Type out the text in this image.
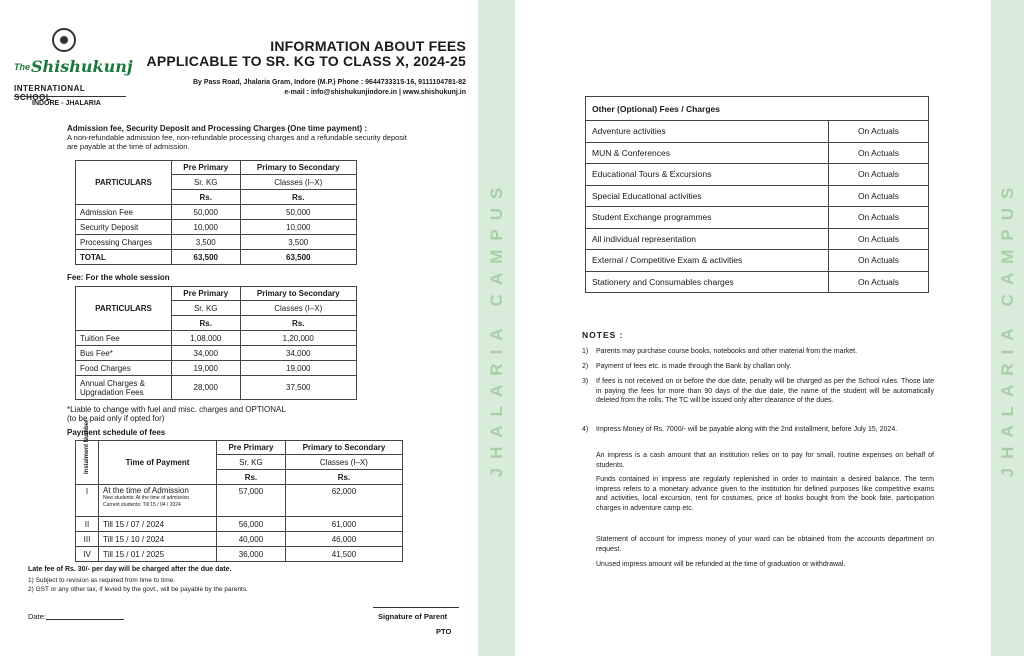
The Shishukunj
INTERNATIONAL SCHOOL
INDORE - JHALARIA
INFORMATION ABOUT FEES
APPLICABLE TO SR. KG TO CLASS X, 2024-25
By Pass Road, Jhalaria Gram, Indore (M.P.) Phone : 9644733315-16, 9111104781-82
e-mail : info@shishukunjindore.in | www.shishukunj.in
Admission fee, Security Deposit and Processing Charges (One time payment) :
A non-refundable admission fee, non-refundable processing charges and a refundable security deposit are payable at the time of admission.
PARTICULARS	Pre Primary	Primary to Secondary
	Sr. KG	Classes (I–X)
	Rs.	Rs.
Admission Fee	50,000	50,000
Security Deposit	10,000	10,000
Processing Charges	3,500	3,500
TOTAL	63,500	63,500
Fee: For the whole session
PARTICULARS	Pre Primary	Primary to Secondary
	Sr. KG	Classes (I–X)
	Rs.	Rs.
Tuition Fee	1,08,000	1,20,000
Bus Fee*	34,000	34,000
Food Charges	19,000	19,000

Annual Charges &
Upgradation Fees	28,000	37,500
*Liable to change with fuel and misc. charges and OPTIONAL
(to be paid only if opted for)
Payment schedule of fees
Instalment Number	Time of Payment	Pre Primary	Primary to Secondary
		Sr. KG	Classes (I–X)
		Rs.	Rs.
I	At the time of Admission
New students: At the time of admission
Current students: Till 15 / 04 / 2024	57,000	62,000
II	Till 15 / 07 / 2024	56,000	61,000
III	Till 15 / 10 / 2024	40,000	46,000
IV	Till 15 / 01 / 2025	36,000	41,500
Late fee of Rs. 30/- per day will be charged after the due date.
1) Subject to revision as required from time to time.
2) GST or any other tax, if levied by the govt., will be payable by the parents.
Date:	Signature of Parent
PTO
JHALARIA CAMPUS	JHALARIA CAMPUS
Other (Optional) Fees / Charges	
Adventure activities	On Actuals
MUN & Conferences	On Actuals
Educational Tours & Excursions	On Actuals
Special Educational activities	On Actuals
Student Exchange programmes	On Actuals
All individual representation	On Actuals
External / Competitive Exam & activities	On Actuals
Stationery and Consumables charges	On Actuals
NOTES :
1) Parents may purchase course books, notebooks and other material from the market.
2) Payment of fees etc. is made through the Bank by challan only.
3) If fees is not received on or before the due date, penalty will be charged as per the School rules. Those late in paying the fees for more than 90 days of the due date, the name of the student will be automatically deleted from the rolls. The TC will be issued only after clearance of the dues.
4) Impress Money of Rs. 7000/- will be payable along with the 2nd installment, before July 15, 2024.
An impress is a cash amount that an institution relies on to pay for small, routine expenses on behalf of students.
Funds contained in impress are regularly replenished in order to maintain a desired balance. The term impress refers to a monetary advance given to the institution for defined purposes like competitive exams and activities, local excursion, rent for costumes, price of books bought from the book fate, participation charges in adventure camp etc.
Statement of account for impress money of your ward can be obtained from the accounts department on request.
Unused impress amount will be refunded at the time of graduation or withdrawal.
